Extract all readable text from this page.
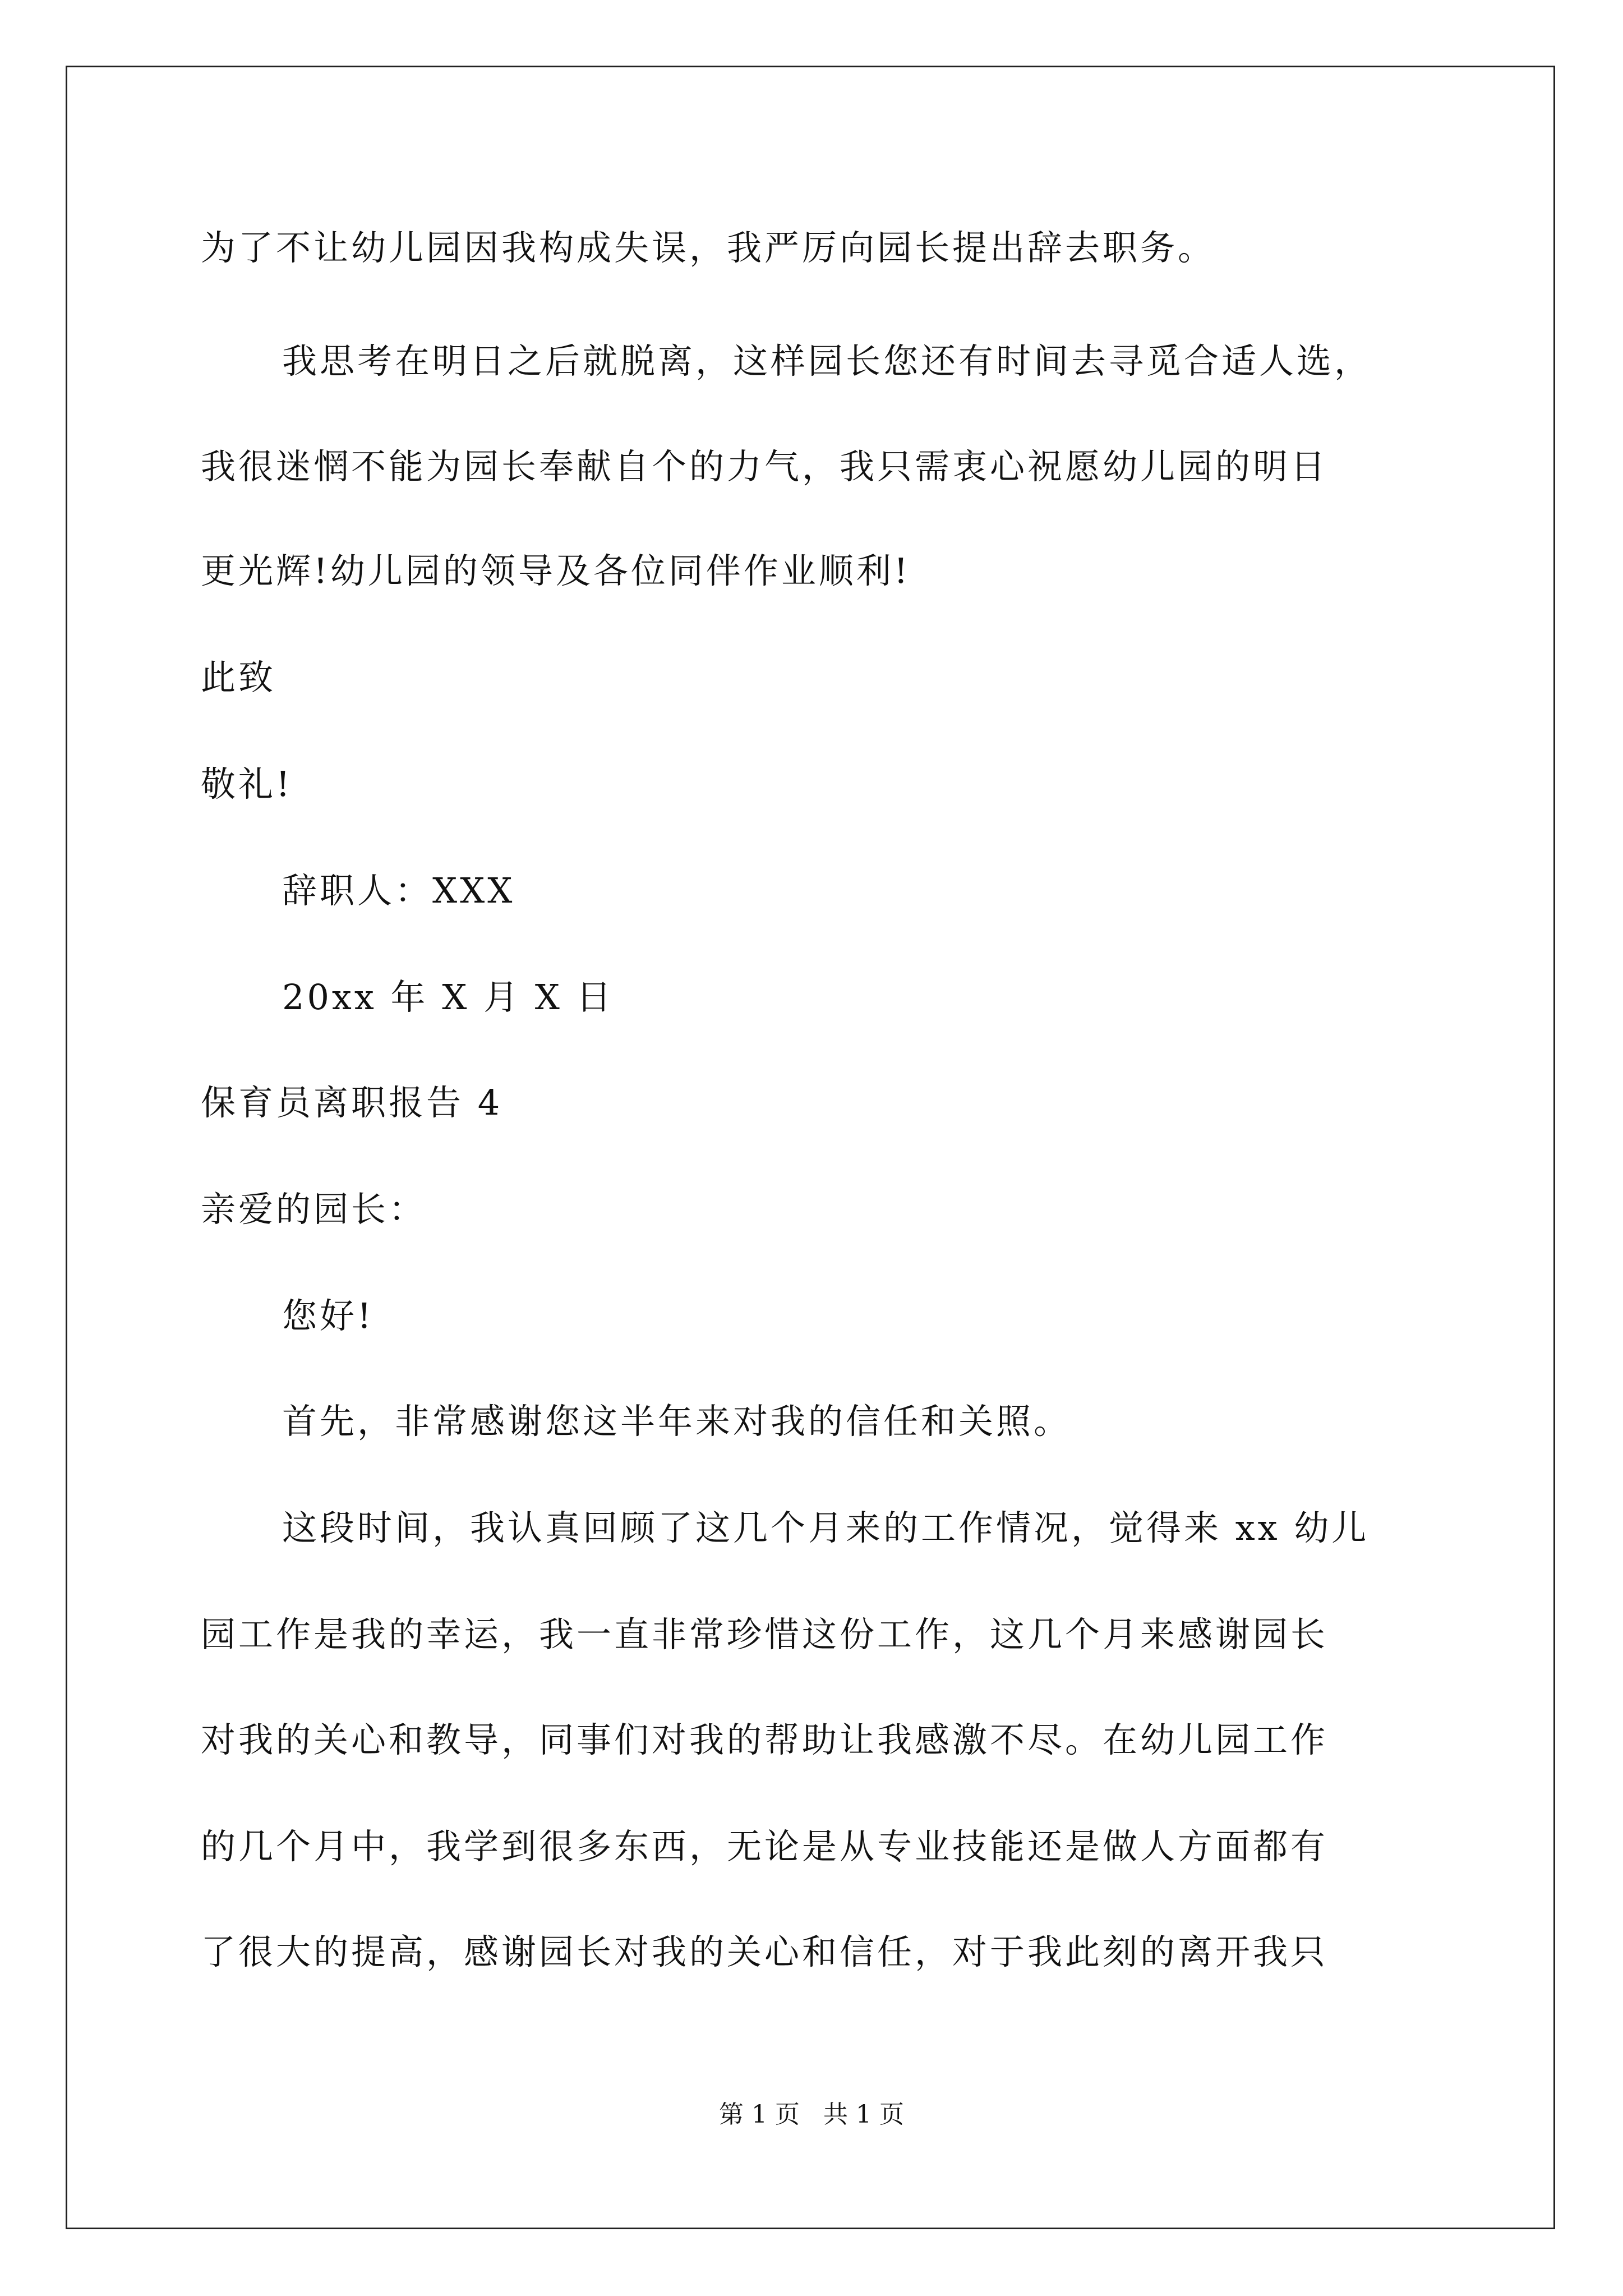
为了不让幼儿园因我构成失误，我严厉向园长提出辞去职务。
我思考在明日之后就脱离，这样园长您还有时间去寻觅合适人选，
我很迷惘不能为园长奉献自个的力气，我只需衷心祝愿幼儿园的明日
更光辉!幼儿园的领导及各位同伴作业顺利!
此致
敬礼!
辞职人：XXX
20xx 年 X 月 X 日
保育员离职报告 4
亲爱的园长：
您好!
首先，非常感谢您这半年来对我的信任和关照。
这段时间，我认真回顾了这几个月来的工作情况，觉得来 xx 幼儿
园工作是我的幸运，我一直非常珍惜这份工作，这几个月来感谢园长
对我的关心和教导，同事们对我的帮助让我感激不尽。在幼儿园工作
的几个月中，我学到很多东西，无论是从专业技能还是做人方面都有
了很大的提高，感谢园长对我的关心和信任，对于我此刻的离开我只
第 1 页   共 1 页
